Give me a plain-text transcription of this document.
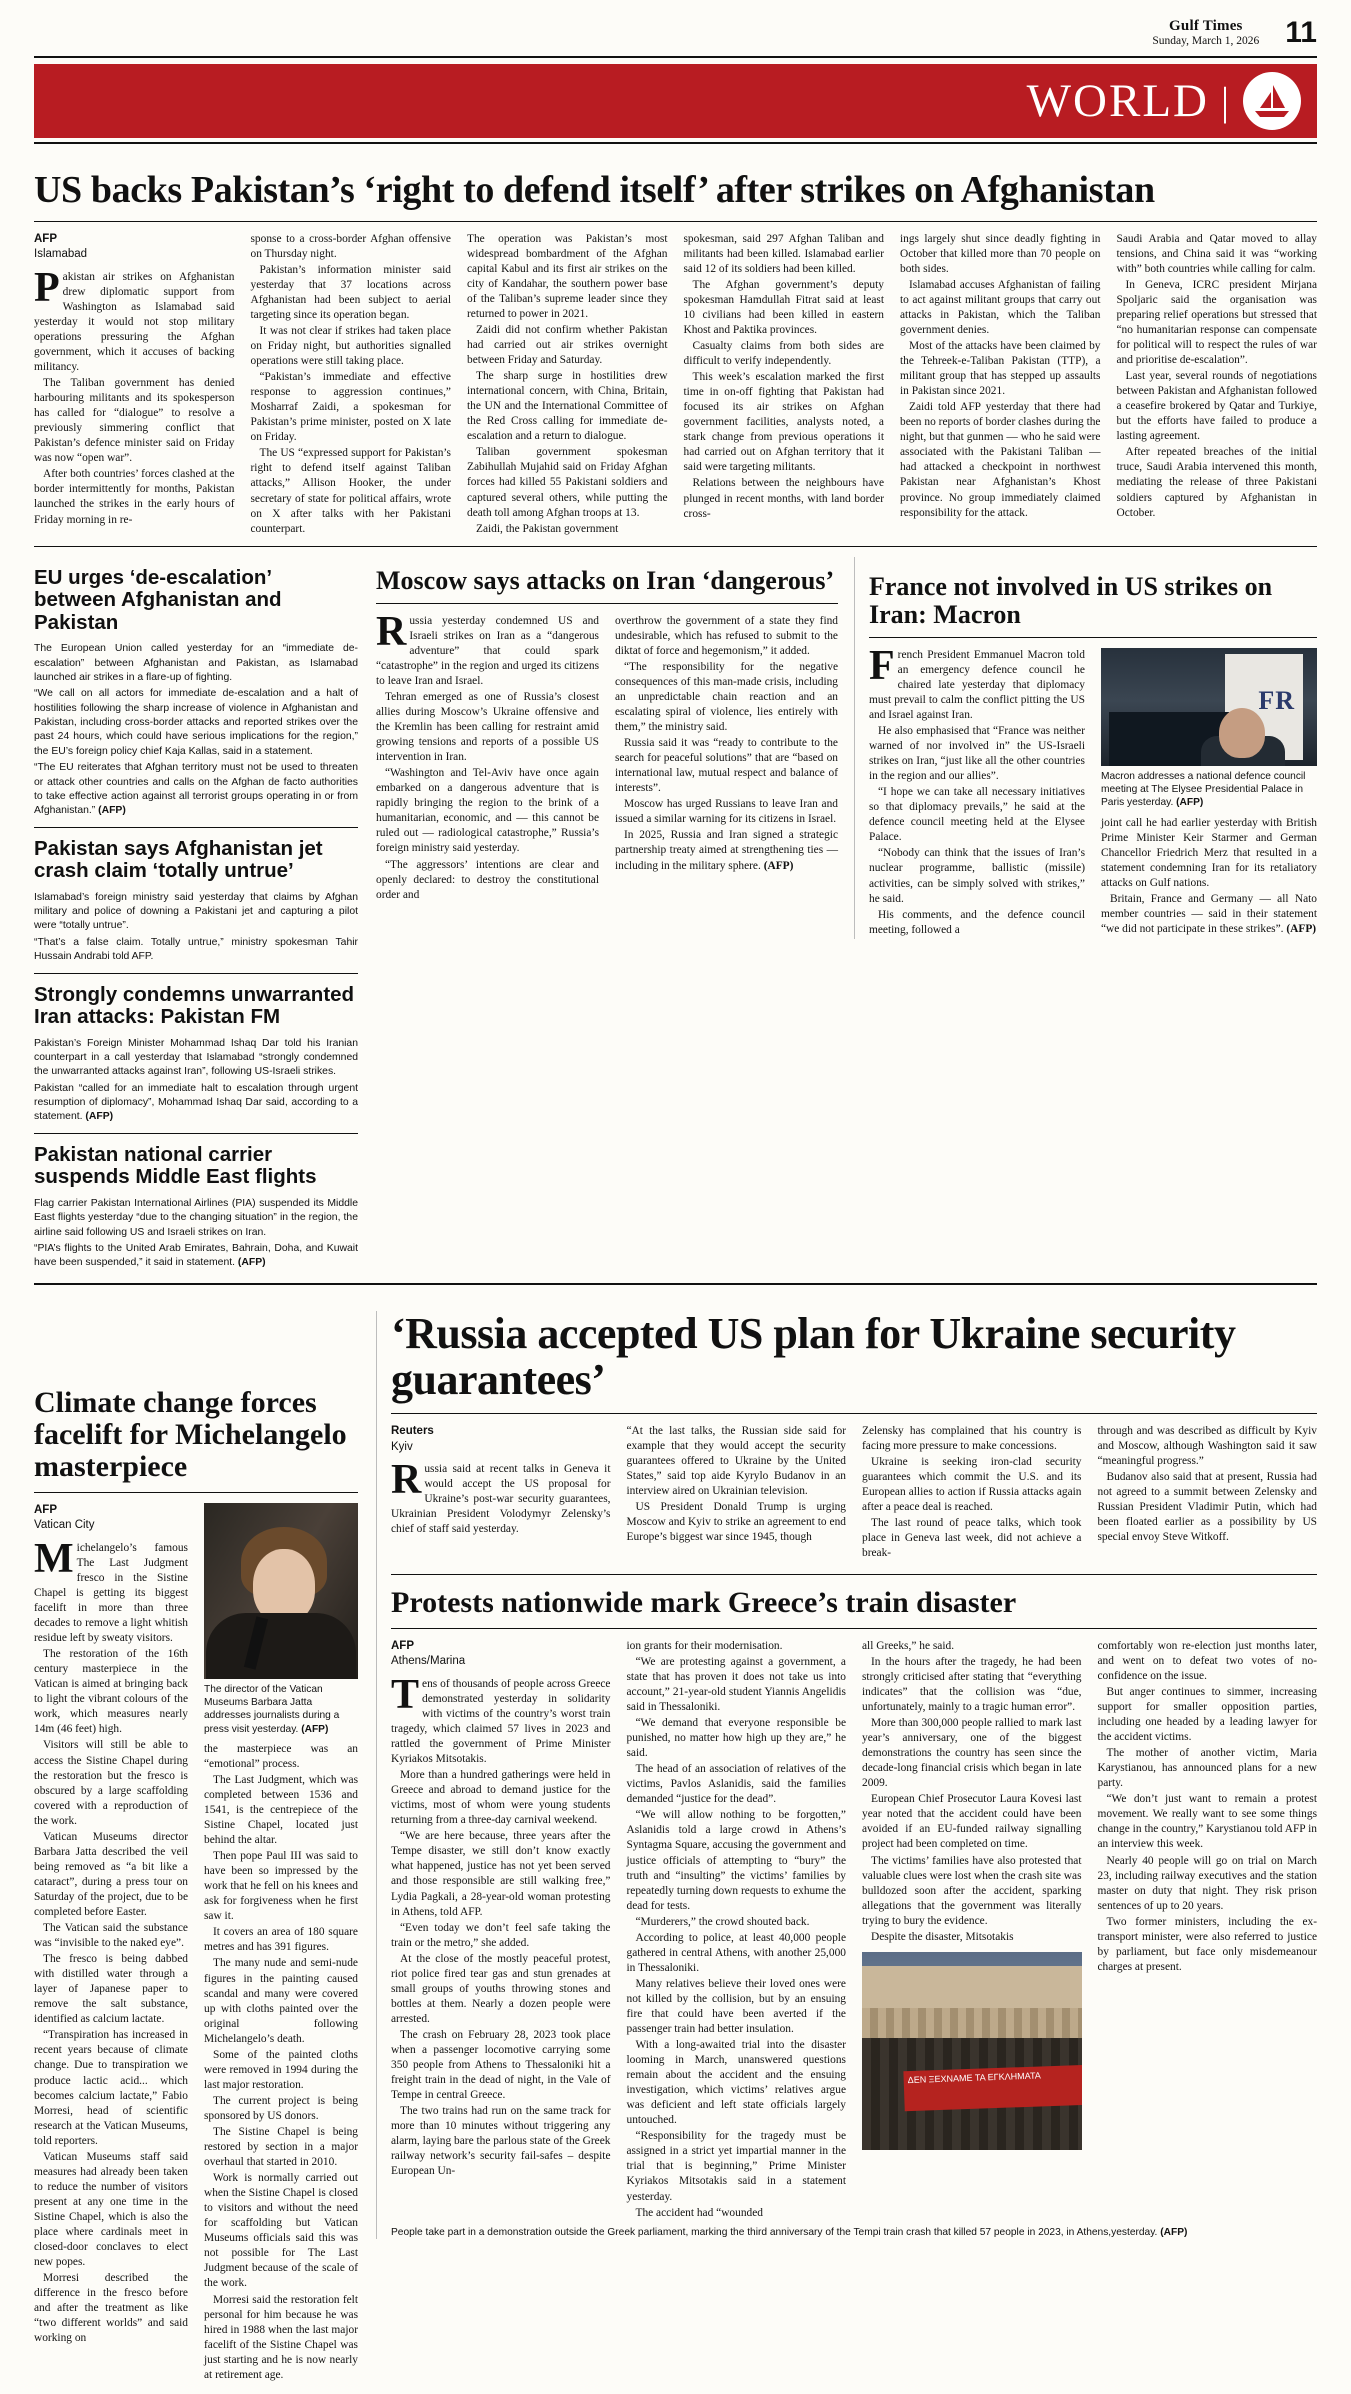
Gulf Times
Sunday, March 1, 2026 11
WORLD |
US backs Pakistan’s ‘right to defend itself’ after strikes on Afghanistan
AFP
Islamabad

Pakistan air strikes on Afghanistan drew diplomatic support from Washington as Islamabad said yesterday it would not stop military operations pressuring the Afghan government, which it accuses of backing militancy.

The Taliban government has denied harbouring militants and its spokesperson has called for “dialogue” to resolve a previously simmering conflict that Pakistan’s defence minister said on Friday was now “open war”.

After both countries’ forces clashed at the border intermittently for months, Pakistan launched the strikes in the early hours of Friday morning in re-

sponse to a cross-border Afghan offensive on Thursday night.

Pakistan’s information minister said yesterday that 37 locations across Afghanistan had been subject to aerial targeting since its operation began.

It was not clear if strikes had taken place on Friday night, but authorities signalled operations were still taking place.

“Pakistan’s immediate and effective response to aggression continues,” Mosharraf Zaidi, a spokesman for Pakistan’s prime minister, posted on X late on Friday.

The US “expressed support for Pakistan’s right to defend itself against Taliban attacks,” Allison Hooker, the under secretary of state for political affairs, wrote on X after talks with her Pakistani counterpart.

The operation was Pakistan’s most widespread bombardment of the Afghan capital Kabul and its first air strikes on the city of Kandahar, the southern power base of the Taliban’s supreme leader since they returned to power in 2021.

Zaidi did not confirm whether Pakistan had carried out air strikes overnight between Friday and Saturday.

The sharp surge in hostilities drew international concern, with China, Britain, the UN and the International Committee of the Red Cross calling for immediate de-escalation and a return to dialogue.

Taliban government spokesman Zabihullah Mujahid said on Friday Afghan forces had killed 55 Pakistani soldiers and captured several others, while putting the death toll among Afghan troops at 13.

Zaidi, the Pakistan government

spokesman, said 297 Afghan Taliban and militants had been killed. Islamabad earlier said 12 of its soldiers had been killed.

The Afghan government’s deputy spokesman Hamdullah Fitrat said at least 10 civilians had been killed in eastern Khost and Paktika provinces.

Casualty claims from both sides are difficult to verify independently.

This week’s escalation marked the first time in on-off fighting that Pakistan had focused its air strikes on Afghan government facilities, analysts noted, a stark change from previous operations it had carried out on Afghan territory that it said were targeting militants.

Relations between the neighbours have plunged in recent months, with land border cross-

ings largely shut since deadly fighting in October that killed more than 70 people on both sides.

Islamabad accuses Afghanistan of failing to act against militant groups that carry out attacks in Pakistan, which the Taliban government denies.

Most of the attacks have been claimed by the Tehreek-e-Taliban Pakistan (TTP), a militant group that has stepped up assaults in Pakistan since 2021.

Zaidi told AFP yesterday that there had been no reports of border clashes during the night, but that gunmen — who he said were associated with the Pakistani Taliban — had attacked a checkpoint in northwest Pakistan near Afghanistan’s Khost province. No group immediately claimed responsibility for the attack.

Saudi Arabia and Qatar moved to allay tensions, and China said it was “working with” both countries while calling for calm.

In Geneva, ICRC president Mirjana Spoljaric said the organisation was preparing relief operations but stressed that “no humanitarian response can compensate for political will to respect the rules of war and prioritise de-escalation”.

Last year, several rounds of negotiations between Pakistan and Afghanistan followed a ceasefire brokered by Qatar and Turkiye, but the efforts have failed to produce a lasting agreement.

After repeated breaches of the initial truce, Saudi Arabia intervened this month, mediating the release of three Pakistani soldiers captured by Afghanistan in October.

EU urges ‘de-escalation’ between Afghanistan and Pakistan

The European Union called yesterday for an “immediate de-escalation” between Afghanistan and Pakistan, as Islamabad launched air strikes in a flare-up of fighting.

“We call on all actors for immediate de-escalation and a halt of hostilities following the sharp increase of violence in Afghanistan and Pakistan, including cross-border attacks and reported strikes over the past 24 hours, which could have serious implications for the region,” the EU’s foreign policy chief Kaja Kallas, said in a statement.

“The EU reiterates that Afghan territory must not be used to threaten or attack other countries and calls on the Afghan de facto authorities to take effective action against all terrorist groups operating in or from Afghanistan.” (AFP)

Pakistan says Afghanistan jet crash claim ‘totally untrue’

Islamabad’s foreign ministry said yesterday that claims by Afghan military and police of downing a Pakistani jet and capturing a pilot were “totally untrue”.

“That’s a false claim. Totally untrue,” ministry spokesman Tahir Hussain Andrabi told AFP.

Strongly condemns unwarranted Iran attacks: Pakistan FM

Pakistan’s Foreign Minister Mohammad Ishaq Dar told his Iranian counterpart in a call yesterday that Islamabad “strongly condemned the unwarranted attacks against Iran”, following US-Israeli strikes.

Pakistan “called for an immediate halt to escalation through urgent resumption of diplomacy”, Mohammad Ishaq Dar said, according to a statement. (AFP)

Pakistan national carrier suspends Middle East flights

Flag carrier Pakistan International Airlines (PIA) suspended its Middle East flights yesterday “due to the changing situation” in the region, the airline said following US and Israeli strikes on Iran.

“PIA’s flights to the United Arab Emirates, Bahrain, Doha, and Kuwait have been suspended,” it said in statement. (AFP)

Moscow says attacks on Iran ‘dangerous’

Russia yesterday condemned US and Israeli strikes on Iran as a “dangerous adventure” that could spark “catastrophe” in the region and urged its citizens to leave Iran and Israel.

Tehran emerged as one of Russia’s closest allies during Moscow’s Ukraine offensive and the Kremlin has been calling for restraint amid growing tensions and reports of a possible US intervention in Iran.

“Washington and Tel-Aviv have once again embarked on a dangerous adventure that is rapidly bringing the region to the brink of a humanitarian, economic, and — this cannot be ruled out — radiological catastrophe,” Russia’s foreign ministry said yesterday.

“The aggressors’ intentions are clear and openly declared: to destroy the constitutional order and

overthrow the government of a state they find undesirable, which has refused to submit to the diktat of force and hegemonism,” it added.

“The responsibility for the negative consequences of this man-made crisis, including an unpredictable chain reaction and an escalating spiral of violence, lies entirely with them,” the ministry said.

Russia said it was “ready to contribute to the search for peaceful solutions” that are “based on international law, mutual respect and balance of interests”.

Moscow has urged Russians to leave Iran and issued a similar warning for its citizens in Israel.

In 2025, Russia and Iran signed a strategic partnership treaty aimed at strengthening ties — including in the military sphere. (AFP)

France not involved in US strikes on Iran: Macron

French President Emmanuel Macron told an emergency defence council he chaired late yesterday that diplomacy must prevail to calm the conflict pitting the US and Israel against Iran.

He also emphasised that “France was neither warned of nor involved in” the US-Israeli strikes on Iran, “just like all the other countries in the region and our allies”.

“I hope we can take all necessary initiatives so that diplomacy prevails,” he said at the defence council meeting held at the Elysee Palace.

“Nobody can think that the issues of Iran’s nuclear programme, ballistic (missile) activities, can be simply solved with strikes,” he said.

His comments, and the defence council meeting, followed a

FR
Macron addresses a national defence council meeting at The Elysee Presidential Palace in Paris yesterday. (AFP)

joint call he had earlier yesterday with British Prime Minister Keir Starmer and German Chancellor Friedrich Merz that resulted in a statement condemning Iran for its retaliatory attacks on Gulf nations.

Britain, France and Germany — all Nato member countries — said in their statement “we did not participate in these strikes”. (AFP)

Climate change forces facelift for Michelangelo masterpiece
AFP
Vatican City

Michelangelo’s famous The Last Judgment fresco in the Sistine Chapel is getting its biggest facelift in more than three decades to remove a light whitish residue left by sweaty visitors.

The restoration of the 16th century masterpiece in the Vatican is aimed at bringing back to light the vibrant colours of the work, which measures nearly 14m (46 feet) high.

Visitors will still be able to access the Sistine Chapel during the restoration but the fresco is obscured by a large scaffolding covered with a reproduction of the work.

Vatican Museums director Barbara Jatta described the veil being removed as “a bit like a cataract”, during a press tour on Saturday of the project, due to be completed before Easter.

The Vatican said the substance was “invisible to the naked eye”.

The fresco is being dabbed with distilled water through a layer of Japanese paper to remove the salt substance, identified as calcium lactate.

“Transpiration has increased in recent years because of climate change. Due to transpiration we produce lactic acid... which becomes calcium lactate,” Fabio Morresi, head of scientific research at the Vatican Museums, told reporters.

Vatican Museums staff said measures had already been taken to reduce the number of visitors present at any one time in the Sistine Chapel, which is also the place where cardinals meet in closed-door conclaves to elect new popes.

Morresi described the difference in the fresco before and after the treatment as like “two different worlds” and said working on

The director of the Vatican Museums Barbara Jatta addresses journalists during a press visit yesterday. (AFP)

the masterpiece was an “emotional” process.

The Last Judgment, which was completed between 1536 and 1541, is the centrepiece of the Sistine Chapel, located just behind the altar.

Then pope Paul III was said to have been so impressed by the work that he fell on his knees and ask for forgiveness when he first saw it.

It covers an area of 180 square metres and has 391 figures.

The many nude and semi-nude figures in the painting caused scandal and many were covered up with cloths painted over the original following Michelangelo’s death.

Some of the painted cloths were removed in 1994 during the last major restoration.

The current project is being sponsored by US donors.

The Sistine Chapel is being restored by section in a major overhaul that started in 2010.

Work is normally carried out when the Sistine Chapel is closed to visitors and without the need for scaffolding but Vatican Museums officials said this was not possible for The Last Judgment because of the scale of the work.

Morresi said the restoration felt personal for him because he was hired in 1988 when the last major facelift of the Sistine Chapel was just starting and he is now nearly at retirement age.

‘Russia accepted US plan for Ukraine security guarantees’
Reuters
Kyiv

Russia said at recent talks in Geneva it would accept the US proposal for Ukraine’s post-war security guarantees, Ukrainian President Volodymyr Zelensky’s chief of staff said yesterday.

“At the last talks, the Russian side said for example that they would accept the security guarantees offered to Ukraine by the United States,” said top aide Kyrylo Budanov in an interview aired on Ukrainian television.

US President Donald Trump is urging Moscow and Kyiv to strike an agreement to end Europe’s biggest war since 1945, though

Zelensky has complained that his country is facing more pressure to make concessions.

Ukraine is seeking iron-clad security guarantees which commit the U.S. and its European allies to action if Russia attacks again after a peace deal is reached.

The last round of peace talks, which took place in Geneva last week, did not achieve a break-

through and was described as difficult by Kyiv and Moscow, although Washington said it saw “meaningful progress.”

Budanov also said that at present, Russia had not agreed to a summit between Zelensky and Russian President Vladimir Putin, which had been floated earlier as a possibility by US special envoy Steve Witkoff.

Protests nationwide mark Greece’s train disaster
AFP
Athens/Marina

Tens of thousands of people across Greece demonstrated yesterday in solidarity with victims of the country’s worst train tragedy, which claimed 57 lives in 2023 and rattled the government of Prime Minister Kyriakos Mitsotakis.

More than a hundred gatherings were held in Greece and abroad to demand justice for the victims, most of whom were young students returning from a three-day carnival weekend.

“We are here because, three years after the Tempe disaster, we still don’t know exactly what happened, justice has not yet been served and those responsible are still walking free,” Lydia Pagkali, a 28-year-old woman protesting in Athens, told AFP.

“Even today we don’t feel safe taking the train or the metro,” she added.

At the close of the mostly peaceful protest, riot police fired tear gas and stun grenades at small groups of youths throwing stones and bottles at them. Nearly a dozen people were arrested.

The crash on February 28, 2023 took place when a passenger locomotive carrying some 350 people from Athens to Thessaloniki hit a freight train in the dead of night, in the Vale of Tempe in central Greece.

The two trains had run on the same track for more than 10 minutes without triggering any alarm, laying bare the parlous state of the Greek railway network’s security fail-safes – despite European Un-

ion grants for their modernisation.

“We are protesting against a government, a state that has proven it does not take us into account,” 21-year-old student Yiannis Angelidis said in Thessaloniki.

“We demand that everyone responsible be punished, no matter how high up they are,” he said.

The head of an association of relatives of the victims, Pavlos Aslanidis, said the families demanded “justice for the dead”.

“We will allow nothing to be forgotten,” Aslanidis told a large crowd in Athens’s Syntagma Square, accusing the government and justice officials of attempting to “bury” the truth and “insulting” the victims’ families by repeatedly turning down requests to exhume the dead for tests.

“Murderers,” the crowd shouted back.

According to police, at least 40,000 people gathered in central Athens, with another 25,000 in Thessaloniki.

Many relatives believe their loved ones were not killed by the collision, but by an ensuing fire that could have been averted if the passenger train had better insulation.

With a long-awaited trial into the disaster looming in March, unanswered questions remain about the accident and the ensuing investigation, which victims’ relatives argue was deficient and left state officials largely untouched.

“Responsibility for the tragedy must be assigned in a strict yet impartial manner in the trial that is beginning,” Prime Minister Kyriakos Mitsotakis said in a statement yesterday.

The accident had “wounded

all Greeks,” he said.

In the hours after the tragedy, he had been strongly criticised after stating that “everything indicates” that the collision was “due, unfortunately, mainly to a tragic human error”.

More than 300,000 people rallied to mark last year’s anniversary, one of the biggest demonstrations the country has seen since the decade-long financial crisis which began in late 2009.

European Chief Prosecutor Laura Kovesi last year noted that the accident could have been avoided if an EU-funded railway signalling project had been completed on time.

The victims’ families have also protested that valuable clues were lost when the crash site was bulldozed soon after the accident, sparking allegations that the government was literally trying to bury the evidence.

Despite the disaster, Mitsotakis

ΔΕΝ ΞΕΧΝΑΜΕ ΤΑ ΕΓΚΛΗΜΑΤΑ

comfortably won re-election just months later, and went on to defeat two votes of no-confidence on the issue.

But anger continues to simmer, increasing support for smaller opposition parties, including one headed by a leading lawyer for the accident victims.

The mother of another victim, Maria Karystianou, has announced plans for a new party.

“We don’t just want to remain a protest movement. We really want to see some things change in the country,” Karystianou told AFP in an interview this week.

Nearly 40 people will go on trial on March 23, including railway executives and the station master on duty that night. They risk prison sentences of up to 20 years.

Two former ministers, including the ex-transport minister, were also referred to justice by parliament, but face only misdemeanour charges at present.

People take part in a demonstration outside the Greek parliament, marking the third anniversary of the Tempi train crash that killed 57 people in 2023, in Athens,yesterday. (AFP)
